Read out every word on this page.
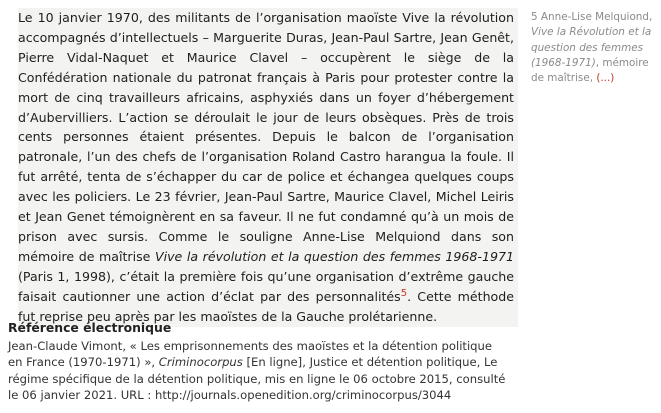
Le 10 janvier 1970, des militants de l’organisation maoïste Vive la révolution accompagnés d’intellectuels – Marguerite Duras, Jean-Paul Sartre, Jean Genêt, Pierre Vidal-Naquet et Maurice Clavel – occupèrent le siège de la Confédération nationale du patronat français à Paris pour protester contre la mort de cinq travailleurs africains, asphyxiés dans un foyer d’hébergement d’Aubervilliers. L’action se déroulait le jour de leurs obsèques. Près de trois cents personnes étaient présentes. Depuis le balcon de l’organisation patronale, l’un des chefs de l’organisation Roland Castro harangua la foule. Il fut arrêté, tenta de s’échapper du car de police et échangea quelques coups avec les policiers. Le 23 février, Jean-Paul Sartre, Maurice Clavel, Michel Leiris et Jean Genet témoignèrent en sa faveur. Il ne fut condamné qu’à un mois de prison avec sursis. Comme le souligne Anne-Lise Melquiond dans son mémoire de maîtrise Vive la révolution et la question des femmes 1968-1971 (Paris 1, 1998), c’était la première fois qu’une organisation d’extrême gauche faisait cautionner une action d’éclat par des personnalités$^5$. Cette méthode fut reprise peu après par les maoïstes de la Gauche prolétarienne.

5 Anne-Lise Melquiond, Vive la Révolution et la question des femmes (1968-1971), mémoire de maîtrise, (...)

Référence électronique

Jean-Claude Vimont, « Les emprisonnements des maoïstes et la détention politique en France (1970-1971) », Criminocorpus [En ligne], Justice et détention politique, Le régime spécifique de la détention politique, mis en ligne le 06 octobre 2015, consulté le 06 janvier 2021. URL : http://journals.openedition.org/criminocorpus/3044
